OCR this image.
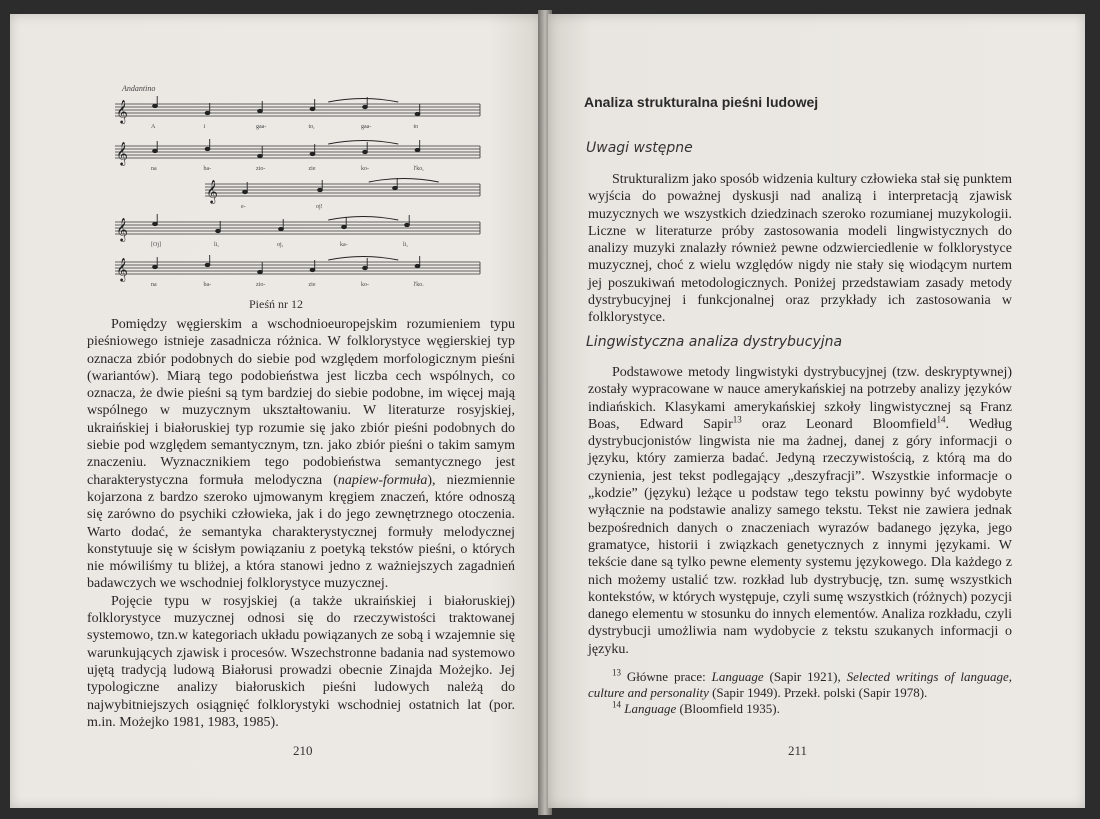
Andantino
𝄞
𝄞
𝄞
𝄞
𝄞
A	i	gaa-	to,	gaa-	to
na	ba-	zio-	zie	ko-	l'ko,
e-	oj!
[Oj]	li,	oj,	ka-	li,
na	ba-	zio-	zie	ko-	l'ko.
Pieśń nr 12

Pomiędzy węgierskim a wschodnioeuropejskim rozumieniem typu pieśniowego istnieje zasadnicza różnica. W folklorystyce węgierskiej typ oznacza zbiór podobnych do siebie pod względem morfologicznym pieśni (wariantów). Miarą tego podobieństwa jest liczba cech wspólnych, co oznacza, że dwie pieśni są tym bardziej do siebie podobne, im więcej mają wspólnego w muzycznym ukształtowaniu. W literaturze rosyjskiej, ukraińskiej i białoruskiej typ rozumie się jako zbiór pieśni podobnych do siebie pod względem semantycznym, tzn. jako zbiór pieśni o takim samym znaczeniu. Wyznacznikiem tego podobieństwa semantycznego jest charakterystyczna formuła melodyczna (napiew-formuła), niezmiennie kojarzona z bardzo szeroko ujmowanym kręgiem znaczeń, które odnoszą się zarówno do psychiki człowieka, jak i do jego zewnętrznego otoczenia. Warto dodać, że semantyka charakterystycznej formuły melodycznej konstytuuje się w ścisłym powiązaniu z poetyką tekstów pieśni, o których nie mówiliśmy tu bliżej, a która stanowi jedno z ważniejszych zagadnień badawczych we wschodniej folklorystyce muzycznej.

Pojęcie typu w rosyjskiej (a także ukraińskiej i białoruskiej) folklorystyce muzycznej odnosi się do rzeczywistości traktowanej systemowo, tzn.w kategoriach układu powiązanych ze sobą i wzajemnie się warunkujących zjawisk i procesów. Wszechstronne badania nad systemowo ujętą tradycją ludową Białorusi prowadzi obecnie Zinajda Możejko. Jej typologiczne analizy białoruskich pieśni ludowych należą do najwybitniejszych osiągnięć folklorystyki wschodniej ostatnich lat (por. m.in. Możejko 1981, 1983, 1985).

210
Analiza strukturalna pieśni ludowej
Uwagi wstępne

Strukturalizm jako sposób widzenia kultury człowieka stał się punktem wyjścia do poważnej dyskusji nad analizą i interpretacją zjawisk muzycznych we wszystkich dziedzinach szeroko rozumianej muzykologii. Liczne w literaturze próby zastosowania modeli lingwistycznych do analizy muzyki znalazły również pewne odzwierciedlenie w folklorystyce muzycznej, choć z wielu względów nigdy nie stały się wiodącym nurtem jej poszukiwań metodologicznych. Poniżej przedstawiam zasady metody dystrybucyjnej i funkcjonalnej oraz przykłady ich zastosowania w folklorystyce.

Lingwistyczna analiza dystrybucyjna

Podstawowe metody lingwistyki dystrybucyjnej (tzw. deskryptywnej) zostały wypracowane w nauce amerykańskiej na potrzeby analizy języków indiańskich. Klasykami amerykańskiej szkoły lingwistycznej są Franz Boas, Edward Sapir$^{13}$ oraz Leonard Bloomfield$^{14}$. Według dystrybucjonistów lingwista nie ma żadnej, danej z góry informacji o języku, który zamierza badać. Jedyną rzeczywistością, z którą ma do czynienia, jest tekst podlegający „deszyfracji”. Wszystkie informacje o „kodzie” (języku) leżące u podstaw tego tekstu powinny być wydobyte wyłącznie na podstawie analizy samego tekstu. Tekst nie zawiera jednak bezpośrednich danych o znaczeniach wyrazów badanego języka, jego gramatyce, historii i związkach genetycznych z innymi językami. W tekście dane są tylko pewne elementy systemu językowego. Dla każdego z nich możemy ustalić tzw. rozkład lub dystrybucję, tzn. sumę wszystkich kontekstów, w których występuje, czyli sumę wszystkich (różnych) pozycji danego elementu w stosunku do innych elementów. Analiza rozkładu, czyli dystrybucji umożliwia nam wydobycie z tekstu szukanych informacji o języku.

$^{13}$ Główne prace: Language (Sapir 1921), Selected writings of language, culture and personality (Sapir 1949). Przekł. polski (Sapir 1978).

$^{14}$ Language (Bloomfield 1935).

211
